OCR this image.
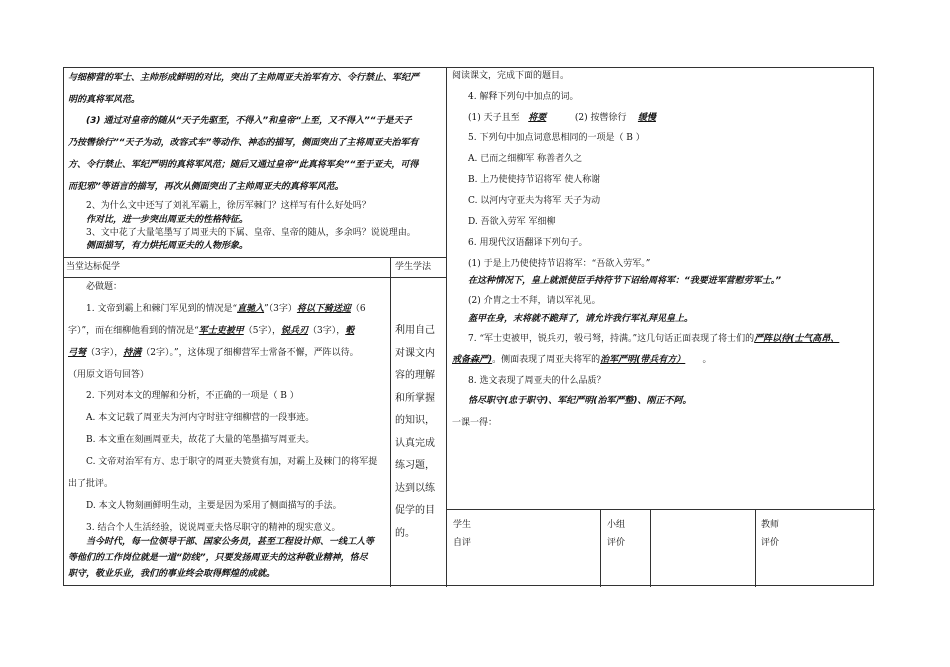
与细柳营的军士、主帅形成鲜明的对比，突出了主帅周亚夫治军有方、令行禁止、军纪严
明的真将军风范。
(3) 通过对皇帝的随从“天子先驱至，不得入”和皇帝“上至，又不得入”“于是天子
乃按辔徐行”“天子为动，改容式车”等动作、神态的描写，侧面突出了主将周亚夫治军有
方、令行禁止、军纪严明的真将军风范；随后又通过皇帝“此真将军矣”“至于亚夫，可得
而犯邪”等语言的描写，再次从侧面突出了主帅周亚夫的真将军风范。
2、为什么文中还写了刘礼军霸上，徐厉军棘门？这样写有什么好处吗？
作对比，进一步突出周亚夫的性格特征。
3、文中花了大量笔墨写了周亚夫的下属、皇帝、皇帝的随从，多余吗？说说理由。
侧面描写，有力烘托周亚夫的人物形象。
当堂达标促学	学生学法
必做题：
1. 文帝到霸上和棘门军见到的情况是“直驰入”（3字）将以下骑送迎（6
字）”，而在细柳他看到的情况是“军士吏被甲（5字），锐兵刃（3字），彀
弓弩（3字），持满（2字）。”，这体现了细柳营军士常备不懈，严阵以待。
（用原文语句回答）
2. 下列对本文的理解和分析，不正确的一项是（ B ）
A. 本文记载了周亚夫为河内守时驻守细柳营的一段事迹。
B. 本文重在刻画周亚夫，故花了大量的笔墨描写周亚夫。
C. 文帝对治军有方、忠于职守的周亚夫赞赏有加，对霸上及棘门的将军提
出了批评。
D. 本文人物刻画鲜明生动，主要是因为采用了侧面描写的手法。
3. 结合个人生活经验，说说周亚夫恪尽职守的精神的现实意义。
当今时代，每一位领导干部、国家公务员，甚至工程设计师、一线工人等
等他们的工作岗位就是一道“防线”，只要发扬周亚夫的这种敬业精神，恪尽
职守，敬业乐业，我们的事业终会取得辉煌的成就。
利用自己对课文内容的理解和所掌握的知识，认真完成练习题，达到以练促学的目的。
阅读课文，完成下面的题目。
4. 解释下列句中加点的词。
(1) 天子且至 将要	(2) 按辔徐行 缓慢
5. 下列句中加点词意思相同的一项是（ B ）
A. 已而之细柳军 称善者久之
B. 上乃使使持节诏将军 使人称谢
C. 以河内守亚夫为将军 天子为动
D. 吾欲入劳军 军细柳
6. 用现代汉语翻译下列句子。
(1) 于是上乃使使持节诏将军：“吾欲入劳军。”
在这种情况下，皇上就派使臣手持符节下诏给周将军：“我要进军营慰劳军士。”
(2) 介胄之士不拜，请以军礼见。
盔甲在身，末将就不跪拜了，请允许我行军礼拜见皇上。
7. “军士吏被甲，锐兵刃，彀弓弩，持满。”这几句话正面表现了将士们的严阵以待(士气高昂、
戒备森严)。侧面表现了周亚夫将军的治军严明(带兵有方） 。
8. 选文表现了周亚夫的什么品质？
恪尽职守(忠于职守)、军纪严明(治军严整)、刚正不阿。
一课一得：
学生
自评
小组
评价
教师
评价
